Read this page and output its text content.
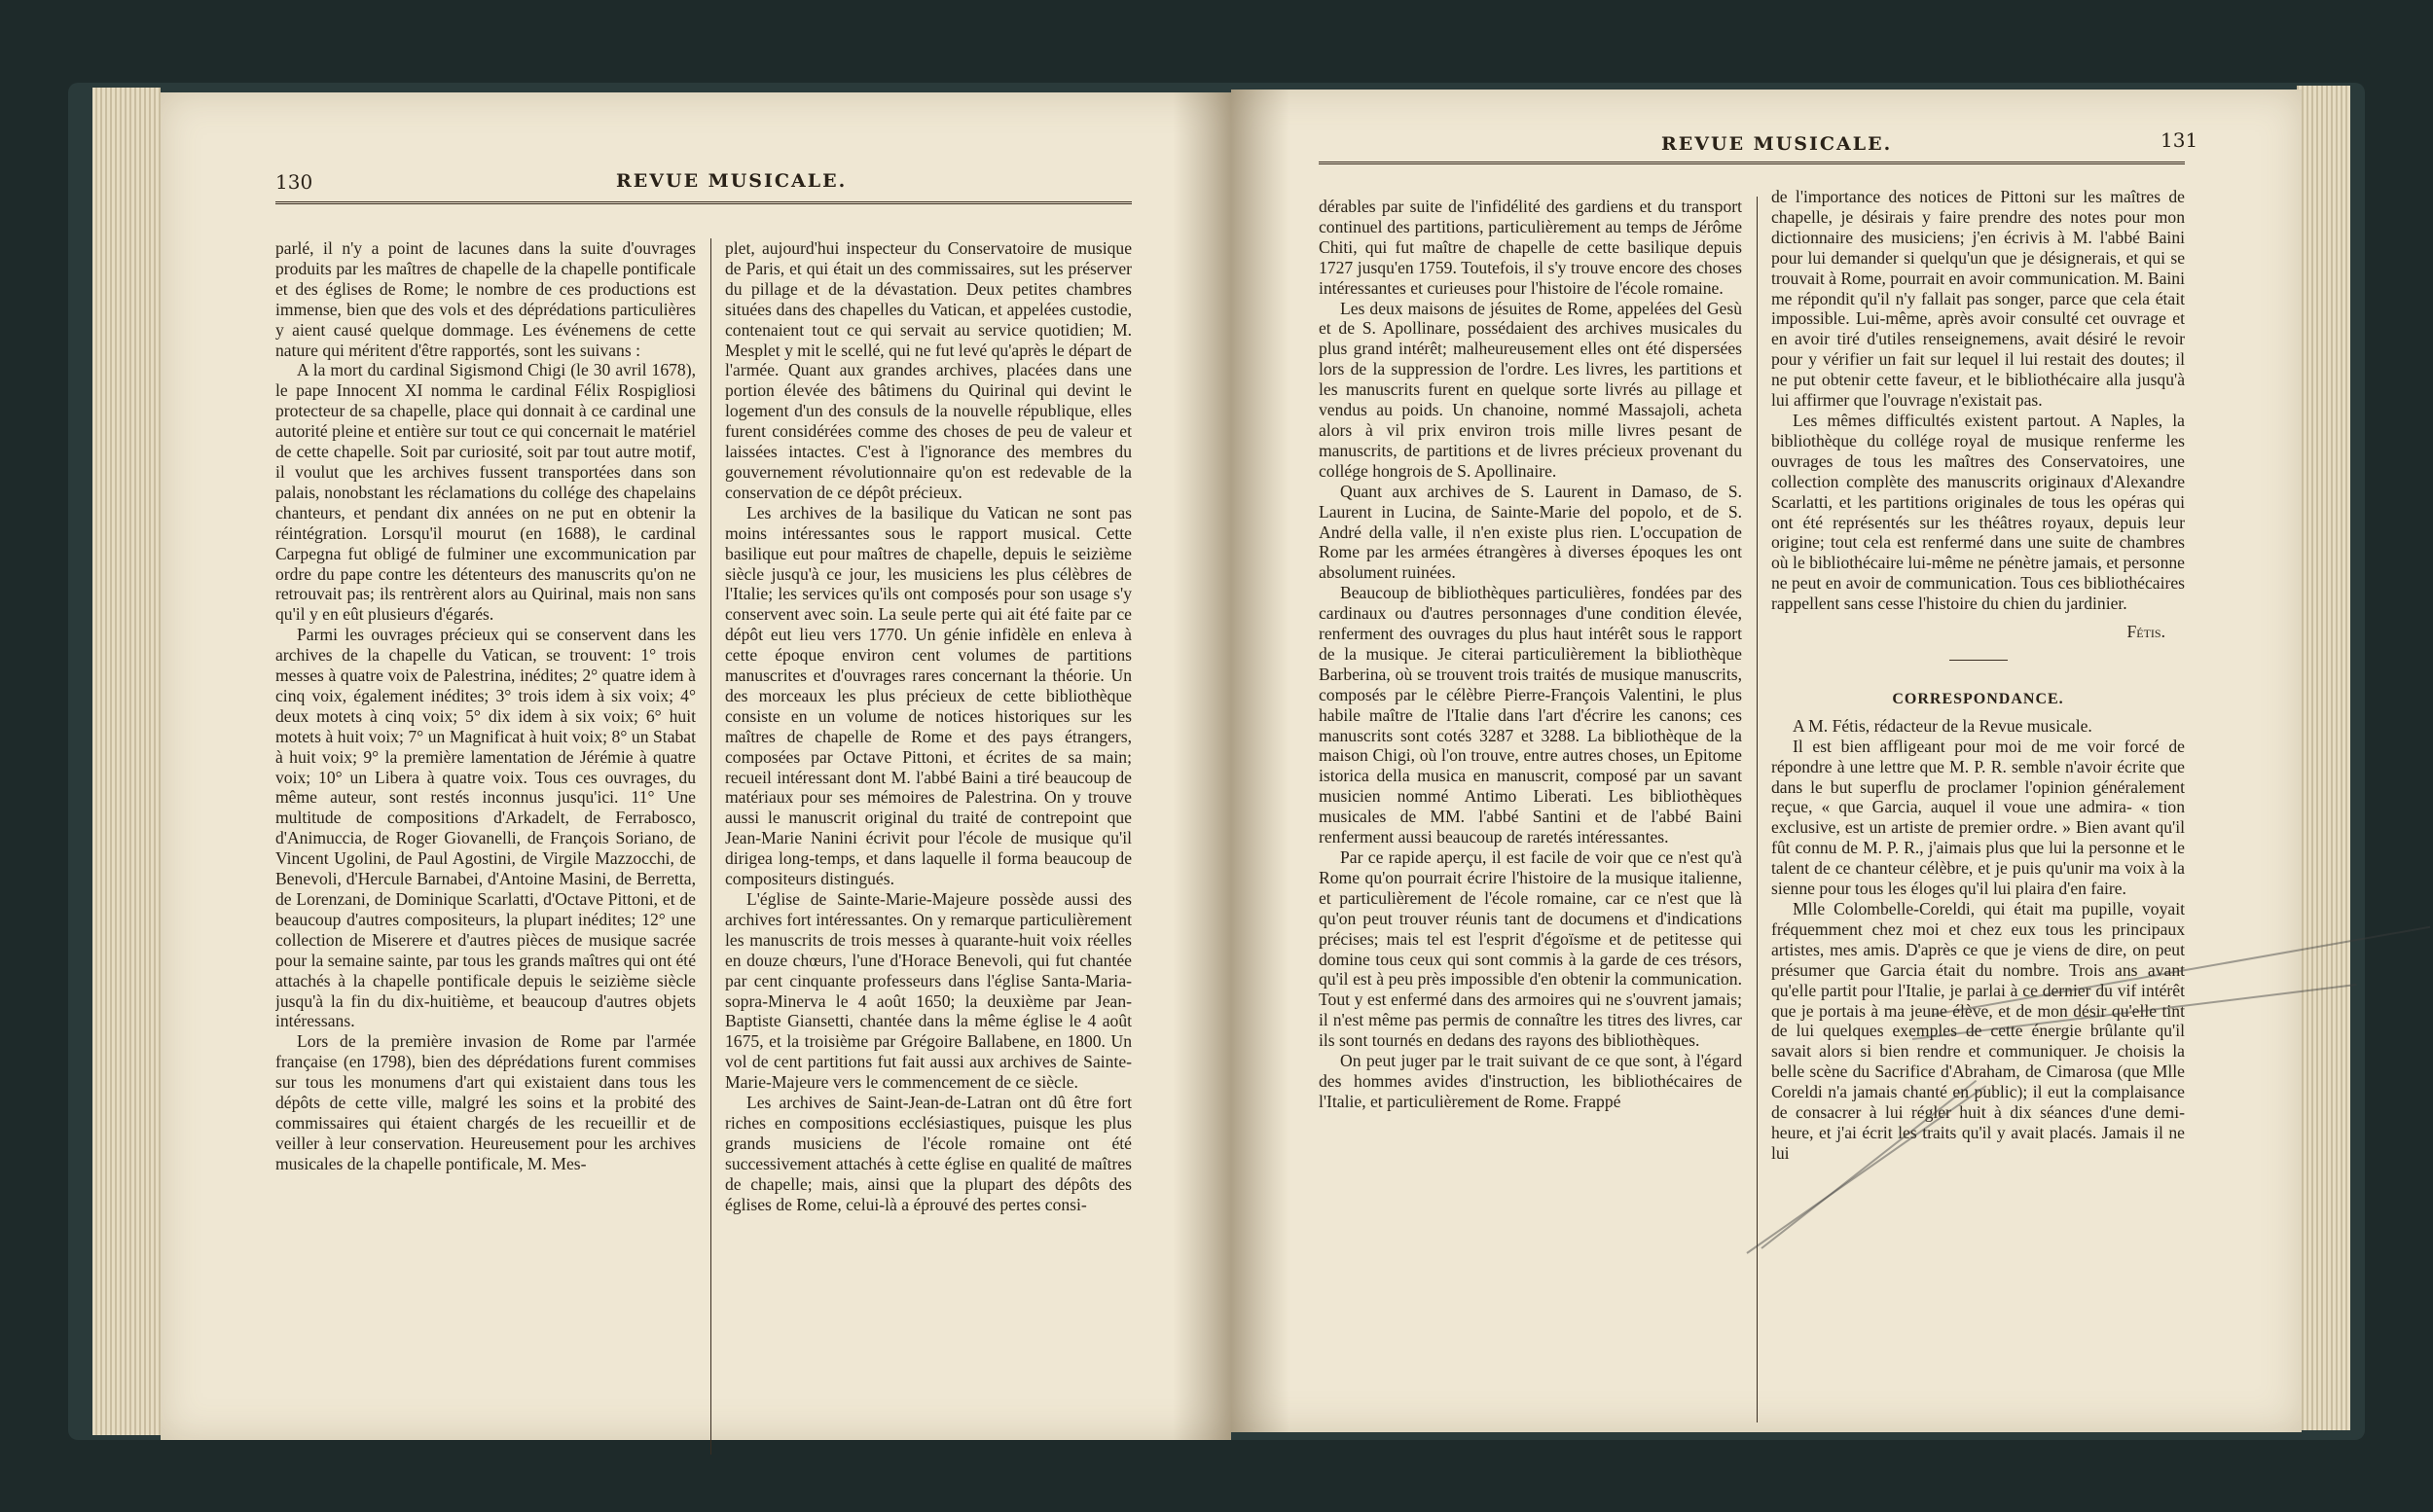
130	REVUE MUSICALE.

parlé, il n'y a point de lacunes dans la suite d'ouvrages produits par les maîtres de chapelle de la chapelle pontificale et des églises de Rome; le nombre de ces productions est immense, bien que des vols et des déprédations particulières y aient causé quelque dommage. Les événemens de cette nature qui méritent d'être rapportés, sont les suivans :

A la mort du cardinal Sigismond Chigi (le 30 avril 1678), le pape Innocent XI nomma le cardinal Félix Rospigliosi protecteur de sa chapelle, place qui donnait à ce cardinal une autorité pleine et entière sur tout ce qui concernait le matériel de cette chapelle. Soit par curiosité, soit par tout autre motif, il voulut que les archives fussent transportées dans son palais, nonobstant les réclamations du collége des chapelains chanteurs, et pendant dix années on ne put en obtenir la réintégration. Lorsqu'il mourut (en 1688), le cardinal Carpegna fut obligé de fulminer une excommunication par ordre du pape contre les détenteurs des manuscrits qu'on ne retrouvait pas; ils rentrèrent alors au Quirinal, mais non sans qu'il y en eût plusieurs d'égarés.

Parmi les ouvrages précieux qui se conservent dans les archives de la chapelle du Vatican, se trouvent: 1° trois messes à quatre voix de Palestrina, inédites; 2° quatre idem à cinq voix, également inédites; 3° trois idem à six voix; 4° deux motets à cinq voix; 5° dix idem à six voix; 6° huit motets à huit voix; 7° un Magnificat à huit voix; 8° un Stabat à huit voix; 9° la première lamentation de Jérémie à quatre voix; 10° un Libera à quatre voix. Tous ces ouvrages, du même auteur, sont restés inconnus jusqu'ici. 11° Une multitude de compositions d'Arkadelt, de Ferrabosco, d'Animuccia, de Roger Giovanelli, de François Soriano, de Vincent Ugolini, de Paul Agostini, de Virgile Mazzocchi, de Benevoli, d'Hercule Barnabei, d'Antoine Masini, de Berretta, de Lorenzani, de Dominique Scarlatti, d'Octave Pittoni, et de beaucoup d'autres compositeurs, la plupart inédites; 12° une collection de Miserere et d'autres pièces de musique sacrée pour la semaine sainte, par tous les grands maîtres qui ont été attachés à la chapelle pontificale depuis le seizième siècle jusqu'à la fin du dix-huitième, et beaucoup d'autres objets intéressans.

Lors de la première invasion de Rome par l'armée française (en 1798), bien des déprédations furent commises sur tous les monumens d'art qui existaient dans tous les dépôts de cette ville, malgré les soins et la probité des commissaires qui étaient chargés de les recueillir et de veiller à leur conservation. Heureusement pour les archives musicales de la chapelle pontificale, M. Mes-

plet, aujourd'hui inspecteur du Conservatoire de musique de Paris, et qui était un des commissaires, sut les préserver du pillage et de la dévastation. Deux petites chambres situées dans des chapelles du Vatican, et appelées custodie, contenaient tout ce qui servait au service quotidien; M. Mesplet y mit le scellé, qui ne fut levé qu'après le départ de l'armée. Quant aux grandes archives, placées dans une portion élevée des bâtimens du Quirinal qui devint le logement d'un des consuls de la nouvelle république, elles furent considérées comme des choses de peu de valeur et laissées intactes. C'est à l'ignorance des membres du gouvernement révolutionnaire qu'on est redevable de la conservation de ce dépôt précieux.

Les archives de la basilique du Vatican ne sont pas moins intéressantes sous le rapport musical. Cette basilique eut pour maîtres de chapelle, depuis le seizième siècle jusqu'à ce jour, les musiciens les plus célèbres de l'Italie; les services qu'ils ont composés pour son usage s'y conservent avec soin. La seule perte qui ait été faite par ce dépôt eut lieu vers 1770. Un génie infidèle en enleva à cette époque environ cent volumes de partitions manuscrites et d'ouvrages rares concernant la théorie. Un des morceaux les plus précieux de cette bibliothèque consiste en un volume de notices historiques sur les maîtres de chapelle de Rome et des pays étrangers, composées par Octave Pittoni, et écrites de sa main; recueil intéressant dont M. l'abbé Baini a tiré beaucoup de matériaux pour ses mémoires de Palestrina. On y trouve aussi le manuscrit original du traité de contrepoint que Jean-Marie Nanini écrivit pour l'école de musique qu'il dirigea long-temps, et dans laquelle il forma beaucoup de compositeurs distingués.

L'église de Sainte-Marie-Majeure possède aussi des archives fort intéressantes. On y remarque particulièrement les manuscrits de trois messes à quarante-huit voix réelles en douze chœurs, l'une d'Horace Benevoli, qui fut chantée par cent cinquante professeurs dans l'église Santa-Maria-sopra-Minerva le 4 août 1650; la deuxième par Jean-Baptiste Giansetti, chantée dans la même église le 4 août 1675, et la troisième par Grégoire Ballabene, en 1800. Un vol de cent partitions fut fait aussi aux archives de Sainte-Marie-Majeure vers le commencement de ce siècle.

Les archives de Saint-Jean-de-Latran ont dû être fort riches en compositions ecclésiastiques, puisque les plus grands musiciens de l'école romaine ont été successivement attachés à cette église en qualité de maîtres de chapelle; mais, ainsi que la plupart des dépôts des églises de Rome, celui-là a éprouvé des pertes consi-

REVUE MUSICALE.	131

dérables par suite de l'infidélité des gardiens et du transport continuel des partitions, particulièrement au temps de Jérôme Chiti, qui fut maître de chapelle de cette basilique depuis 1727 jusqu'en 1759. Toutefois, il s'y trouve encore des choses intéressantes et curieuses pour l'histoire de l'école romaine.

Les deux maisons de jésuites de Rome, appelées del Gesù et de S. Apollinare, possédaient des archives musicales du plus grand intérêt; malheureusement elles ont été dispersées lors de la suppression de l'ordre. Les livres, les partitions et les manuscrits furent en quelque sorte livrés au pillage et vendus au poids. Un chanoine, nommé Massajoli, acheta alors à vil prix environ trois mille livres pesant de manuscrits, de partitions et de livres précieux provenant du collége hongrois de S. Apollinaire.

Quant aux archives de S. Laurent in Damaso, de S. Laurent in Lucina, de Sainte-Marie del popolo, et de S. André della valle, il n'en existe plus rien. L'occupation de Rome par les armées étrangères à diverses époques les ont absolument ruinées.

Beaucoup de bibliothèques particulières, fondées par des cardinaux ou d'autres personnages d'une condition élevée, renferment des ouvrages du plus haut intérêt sous le rapport de la musique. Je citerai particulièrement la bibliothèque Barberina, où se trouvent trois traités de musique manuscrits, composés par le célèbre Pierre-François Valentini, le plus habile maître de l'Italie dans l'art d'écrire les canons; ces manuscrits sont cotés 3287 et 3288. La bibliothèque de la maison Chigi, où l'on trouve, entre autres choses, un Epitome istorica della musica en manuscrit, composé par un savant musicien nommé Antimo Liberati. Les bibliothèques musicales de MM. l'abbé Santini et de l'abbé Baini renferment aussi beaucoup de raretés intéressantes.

Par ce rapide aperçu, il est facile de voir que ce n'est qu'à Rome qu'on pourrait écrire l'histoire de la musique italienne, et particulièrement de l'école romaine, car ce n'est que là qu'on peut trouver réunis tant de documens et d'indications précises; mais tel est l'esprit d'égoïsme et de petitesse qui domine tous ceux qui sont commis à la garde de ces trésors, qu'il est à peu près impossible d'en obtenir la communication. Tout y est enfermé dans des armoires qui ne s'ouvrent jamais; il n'est même pas permis de connaître les titres des livres, car ils sont tournés en dedans des rayons des bibliothèques.

On peut juger par le trait suivant de ce que sont, à l'égard des hommes avides d'instruction, les bibliothécaires de l'Italie, et particulièrement de Rome. Frappé

de l'importance des notices de Pittoni sur les maîtres de chapelle, je désirais y faire prendre des notes pour mon dictionnaire des musiciens; j'en écrivis à M. l'abbé Baini pour lui demander si quelqu'un que je désignerais, et qui se trouvait à Rome, pourrait en avoir communication. M. Baini me répondit qu'il n'y fallait pas songer, parce que cela était impossible. Lui-même, après avoir consulté cet ouvrage et en avoir tiré d'utiles renseignemens, avait désiré le revoir pour y vérifier un fait sur lequel il lui restait des doutes; il ne put obtenir cette faveur, et le bibliothécaire alla jusqu'à lui affirmer que l'ouvrage n'existait pas.

Les mêmes difficultés existent partout. A Naples, la bibliothèque du collége royal de musique renferme les ouvrages de tous les maîtres des Conservatoires, une collection complète des manuscrits originaux d'Alexandre Scarlatti, et les partitions originales de tous les opéras qui ont été représentés sur les théâtres royaux, depuis leur origine; tout cela est renfermé dans une suite de chambres où le bibliothécaire lui-même ne pénètre jamais, et personne ne peut en avoir de communication. Tous ces bibliothécaires rappellent sans cesse l'histoire du chien du jardinier.

Fétis.

CORRESPONDANCE.

A M. Fétis, rédacteur de la Revue musicale.

Il est bien affligeant pour moi de me voir forcé de répondre à une lettre que M. P. R. semble n'avoir écrite que dans le but superflu de proclamer l'opinion généralement reçue, « que Garcia, auquel il voue une admira- « tion exclusive, est un artiste de premier ordre. » Bien avant qu'il fût connu de M. P. R., j'aimais plus que lui la personne et le talent de ce chanteur célèbre, et je puis qu'unir ma voix à la sienne pour tous les éloges qu'il lui plaira d'en faire.

Mlle Colombelle-Coreldi, qui était ma pupille, voyait fréquemment chez moi et chez eux tous les principaux artistes, mes amis. D'après ce que je viens de dire, on peut présumer que Garcia était du nombre. Trois ans avant qu'elle partit pour l'Italie, je parlai à ce dernier du vif intérêt que je portais à ma jeune élève, et de mon désir qu'elle tint de lui quelques exemples de cette énergie brûlante qu'il savait alors si bien rendre et communiquer. Je choisis la belle scène du Sacrifice d'Abraham, de Cimarosa (que Mlle Coreldi n'a jamais chanté en public); il eut la complaisance de consacrer à lui régler huit à dix séances d'une demi-heure, et j'ai écrit les traits qu'il y avait placés. Jamais il ne lui
